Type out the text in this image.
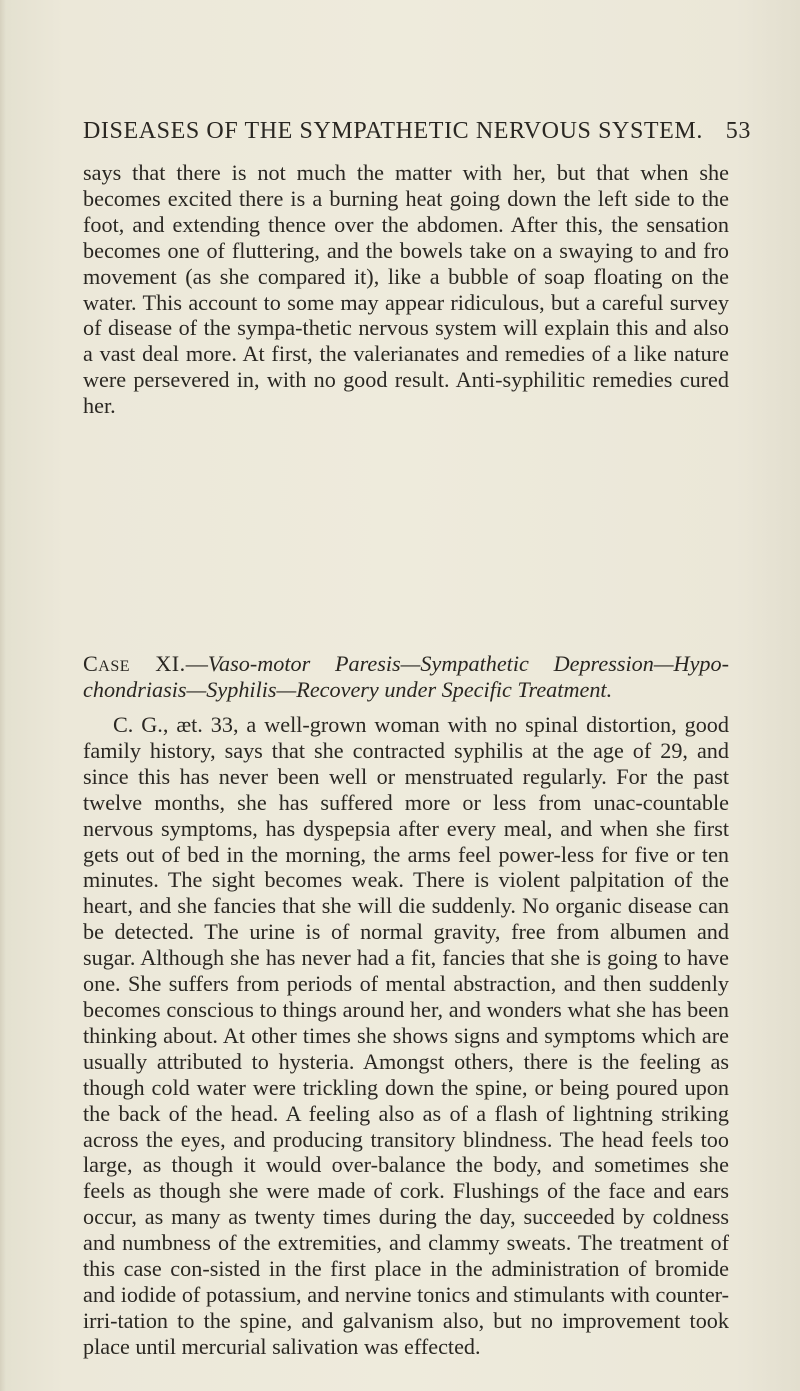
DISEASES OF THE SYMPATHETIC NERVOUS SYSTEM. 53

says that there is not much the matter with her, but that when she becomes excited there is a burning heat going down the left side to the foot, and extending thence over the abdomen. After this, the sensation becomes one of fluttering, and the bowels take on a swaying to and fro movement (as she compared it), like a bubble of soap floating on the water. This account to some may appear ridiculous, but a careful survey of disease of the sympa-thetic nervous system will explain this and also a vast deal more. At first, the valerianates and remedies of a like nature were persevered in, with no good result. Anti-syphilitic remedies cured her.

Case XI.—Vaso-motor Paresis—Sympathetic Depression—Hypo-chondriasis—Syphilis—Recovery under Specific Treatment.

C. G., æt. 33, a well-grown woman with no spinal distortion, good family history, says that she contracted syphilis at the age of 29, and since this has never been well or menstruated regularly. For the past twelve months, she has suffered more or less from unac-countable nervous symptoms, has dyspepsia after every meal, and when she first gets out of bed in the morning, the arms feel power-less for five or ten minutes. The sight becomes weak. There is violent palpitation of the heart, and she fancies that she will die suddenly. No organic disease can be detected. The urine is of normal gravity, free from albumen and sugar. Although she has never had a fit, fancies that she is going to have one. She suffers from periods of mental abstraction, and then suddenly becomes conscious to things around her, and wonders what she has been thinking about. At other times she shows signs and symptoms which are usually attributed to hysteria. Amongst others, there is the feeling as though cold water were trickling down the spine, or being poured upon the back of the head. A feeling also as of a flash of lightning striking across the eyes, and producing transitory blindness. The head feels too large, as though it would over-balance the body, and sometimes she feels as though she were made of cork. Flushings of the face and ears occur, as many as twenty times during the day, succeeded by coldness and numbness of the extremities, and clammy sweats. The treatment of this case con-sisted in the first place in the administration of bromide and iodide of potassium, and nervine tonics and stimulants with counter-irri-tation to the spine, and galvanism also, but no improvement took place until mercurial salivation was effected.
